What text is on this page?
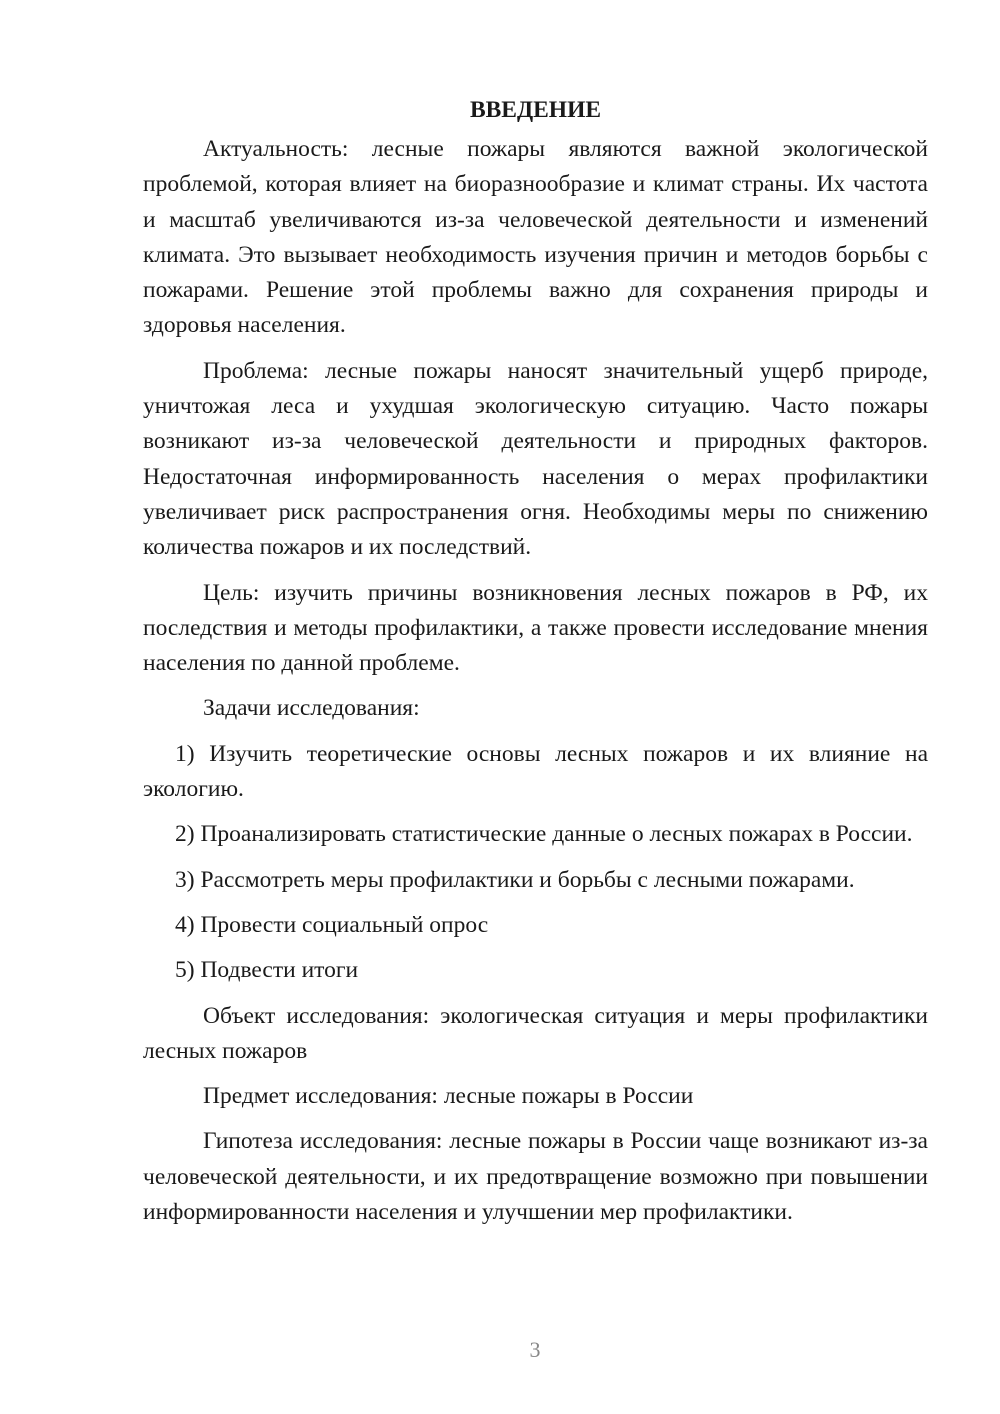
ВВЕДЕНИЕ

Актуальность: лесные пожары являются важной экологической проблемой, которая влияет на биоразнообразие и климат страны. Их частота и масштаб увеличиваются из-за человеческой деятельности и изменений климата. Это вызывает необходимость изучения причин и методов борьбы с пожарами. Решение этой проблемы важно для сохранения природы и здоровья населения.

Проблема: лесные пожары наносят значительный ущерб природе, уничтожая леса и ухудшая экологическую ситуацию. Часто пожары возникают из-за человеческой деятельности и природных факторов. Недостаточная информированность населения о мерах профилактики увеличивает риск распространения огня. Необходимы меры по снижению количества пожаров и их последствий.

Цель: изучить причины возникновения лесных пожаров в РФ, их последствия и методы профилактики, а также провести исследование мнения населения по данной проблеме.

Задачи исследования:

1) Изучить теоретические основы лесных пожаров и их влияние на экологию.

2) Проанализировать статистические данные о лесных пожарах в России.

3) Рассмотреть меры профилактики и борьбы с лесными пожарами.

4) Провести социальный опрос

5) Подвести итоги

Объект исследования: экологическая ситуация и меры профилактики лесных пожаров

Предмет исследования: лесные пожары в России

Гипотеза исследования: лесные пожары в России чаще возникают из-за человеческой деятельности, и их предотвращение возможно при повышении информированности населения и улучшении мер профилактики.

3
